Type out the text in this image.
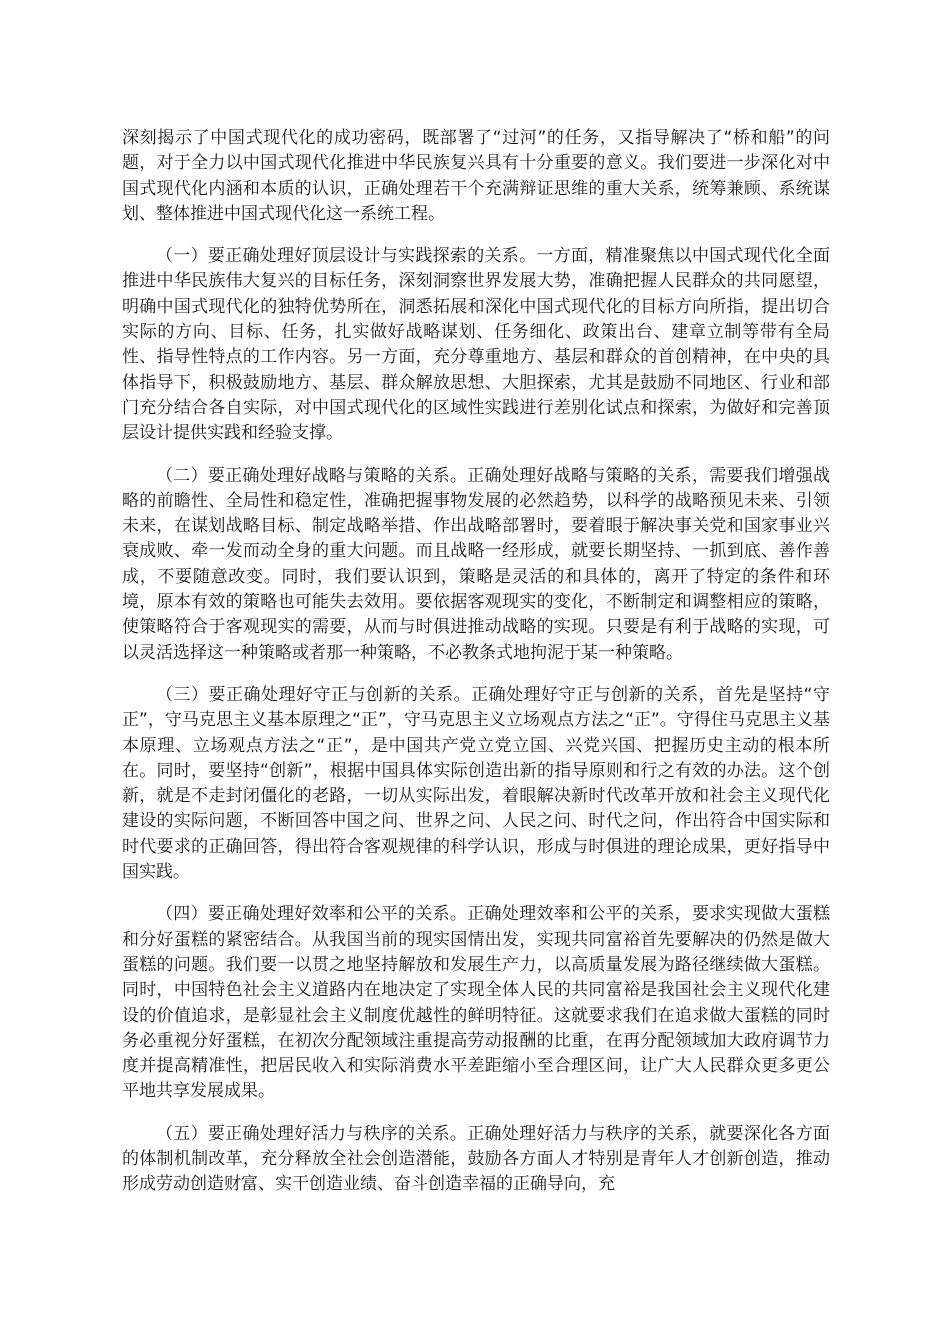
深刻揭示了中国式现代化的成功密码，既部署了“过河”的任务，又指导解决了“桥和船”的问题，对于全力以中国式现代化推进中华民族复兴具有十分重要的意义。我们要进一步深化对中国式现代化内涵和本质的认识，正确处理若干个充满辩证思维的重大关系，统筹兼顾、系统谋划、整体推进中国式现代化这一系统工程。

（一）要正确处理好顶层设计与实践探索的关系。一方面，精准聚焦以中国式现代化全面推进中华民族伟大复兴的目标任务，深刻洞察世界发展大势，准确把握人民群众的共同愿望，明确中国式现代化的独特优势所在，洞悉拓展和深化中国式现代化的目标方向所指，提出切合实际的方向、目标、任务，扎实做好战略谋划、任务细化、政策出台、建章立制等带有全局性、指导性特点的工作内容。另一方面，充分尊重地方、基层和群众的首创精神，在中央的具体指导下，积极鼓励地方、基层、群众解放思想、大胆探索，尤其是鼓励不同地区、行业和部门充分结合各自实际，对中国式现代化的区域性实践进行差别化试点和探索，为做好和完善顶层设计提供实践和经验支撑。

（二）要正确处理好战略与策略的关系。正确处理好战略与策略的关系，需要我们增强战略的前瞻性、全局性和稳定性，准确把握事物发展的必然趋势，以科学的战略预见未来、引领未来，在谋划战略目标、制定战略举措、作出战略部署时，要着眼于解决事关党和国家事业兴衰成败、牵一发而动全身的重大问题。而且战略一经形成，就要长期坚持、一抓到底、善作善成，不要随意改变。同时，我们要认识到，策略是灵活的和具体的，离开了特定的条件和环境，原本有效的策略也可能失去效用。要依据客观现实的变化，不断制定和调整相应的策略，使策略符合于客观现实的需要，从而与时俱进推动战略的实现。只要是有利于战略的实现，可以灵活选择这一种策略或者那一种策略，不必教条式地拘泥于某一种策略。

（三）要正确处理好守正与创新的关系。正确处理好守正与创新的关系，首先是坚持“守正”，守马克思主义基本原理之“正”，守马克思主义立场观点方法之“正”。守得住马克思主义基本原理、立场观点方法之“正”，是中国共产党立党立国、兴党兴国、把握历史主动的根本所在。同时，要坚持“创新”，根据中国具体实际创造出新的指导原则和行之有效的办法。这个创新，就是不走封闭僵化的老路，一切从实际出发，着眼解决新时代改革开放和社会主义现代化建设的实际问题，不断回答中国之问、世界之问、人民之问、时代之问，作出符合中国实际和时代要求的正确回答，得出符合客观规律的科学认识，形成与时俱进的理论成果，更好指导中国实践。

（四）要正确处理好效率和公平的关系。正确处理效率和公平的关系，要求实现做大蛋糕和分好蛋糕的紧密结合。从我国当前的现实国情出发，实现共同富裕首先要解决的仍然是做大蛋糕的问题。我们要一以贯之地坚持解放和发展生产力，以高质量发展为路径继续做大蛋糕。同时，中国特色社会主义道路内在地决定了实现全体人民的共同富裕是我国社会主义现代化建设的价值追求，是彰显社会主义制度优越性的鲜明特征。这就要求我们在追求做大蛋糕的同时务必重视分好蛋糕，在初次分配领域注重提高劳动报酬的比重，在再分配领域加大政府调节力度并提高精准性，把居民收入和实际消费水平差距缩小至合理区间，让广大人民群众更多更公平地共享发展成果。

（五）要正确处理好活力与秩序的关系。正确处理好活力与秩序的关系，就要深化各方面的体制机制改革，充分释放全社会创造潜能，鼓励各方面人才特别是青年人才创新创造，推动形成劳动创造财富、实干创造业绩、奋斗创造幸福的正确导向，充
